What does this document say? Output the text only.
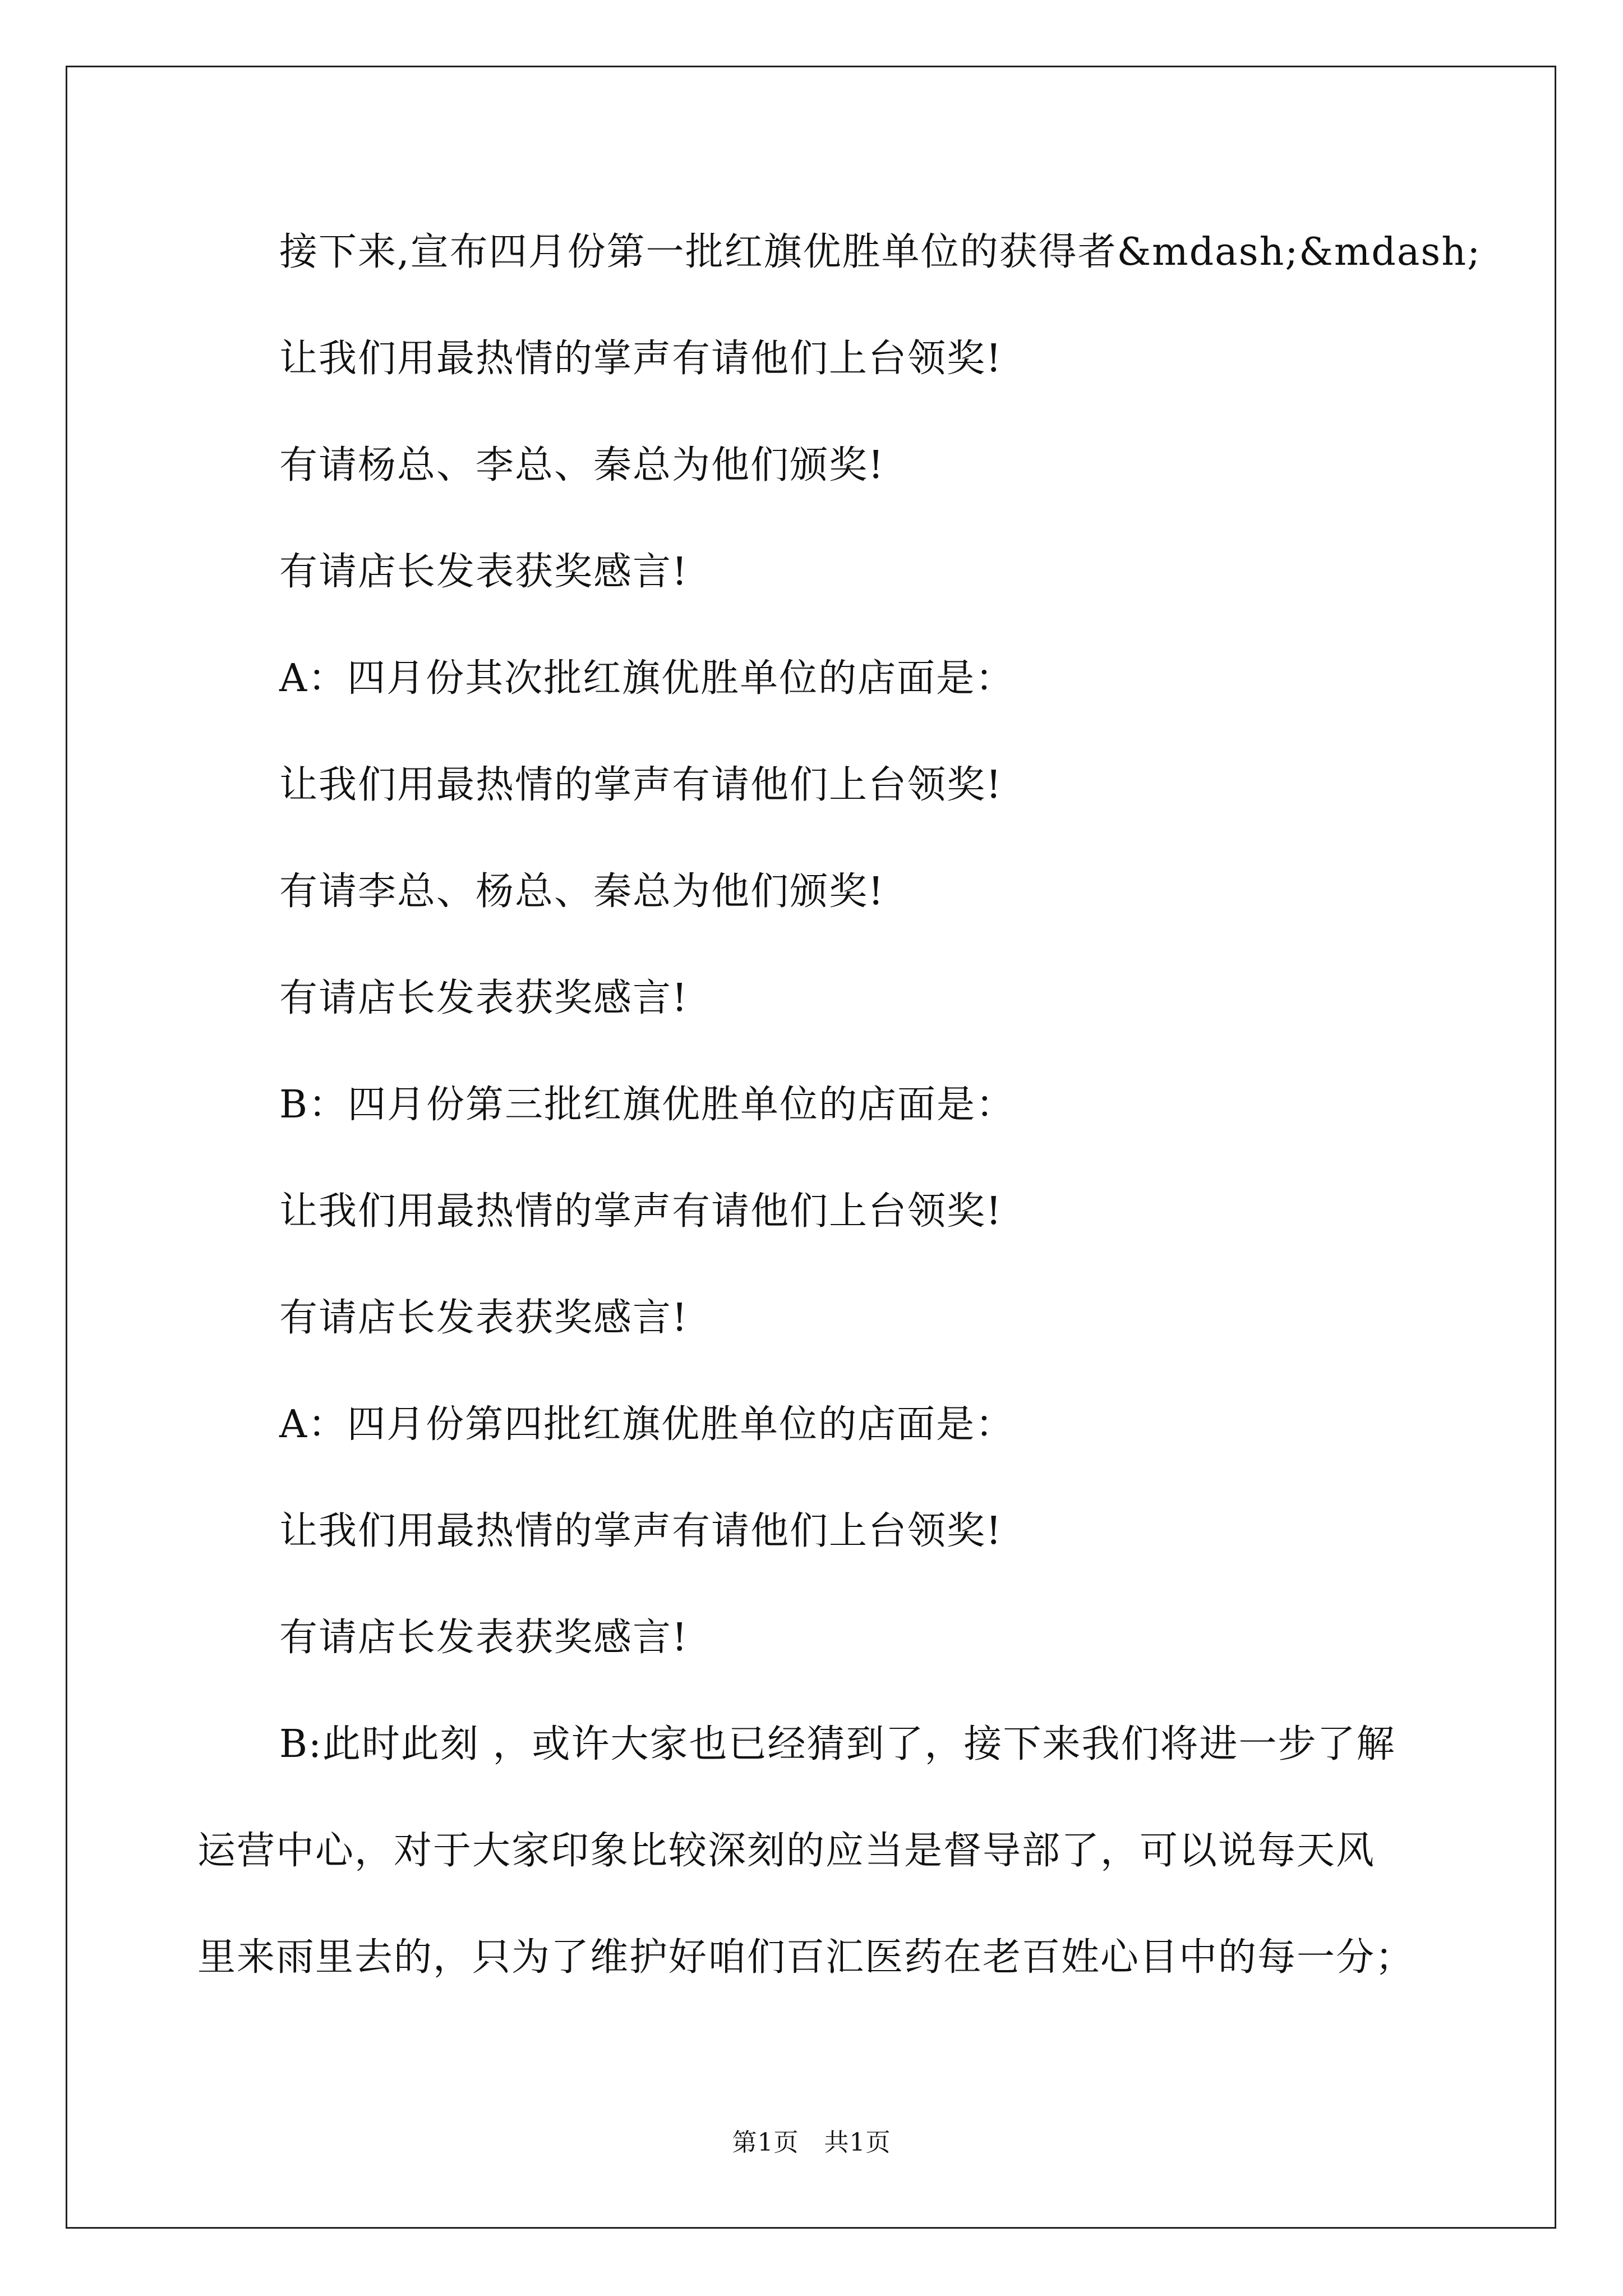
接下来,宣布四月份第一批红旗优胜单位的获得者&mdash;&mdash;
让我们用最热情的掌声有请他们上台领奖!
有请杨总、李总、秦总为他们颁奖!
有请店长发表获奖感言!
A：四月份其次批红旗优胜单位的店面是：
让我们用最热情的掌声有请他们上台领奖!
有请李总、杨总、秦总为他们颁奖!
有请店长发表获奖感言!
B：四月份第三批红旗优胜单位的店面是：
让我们用最热情的掌声有请他们上台领奖!
有请店长发表获奖感言!
A：四月份第四批红旗优胜单位的店面是：
让我们用最热情的掌声有请他们上台领奖!
有请店长发表获奖感言!
B:此时此刻 ，或许大家也已经猜到了，接下来我们将进一步了解
运营中心，对于大家印象比较深刻的应当是督导部了，可以说每天风
里来雨里去的，只为了维护好咱们百汇医药在老百姓心目中的每一分；
第1页　共1页
